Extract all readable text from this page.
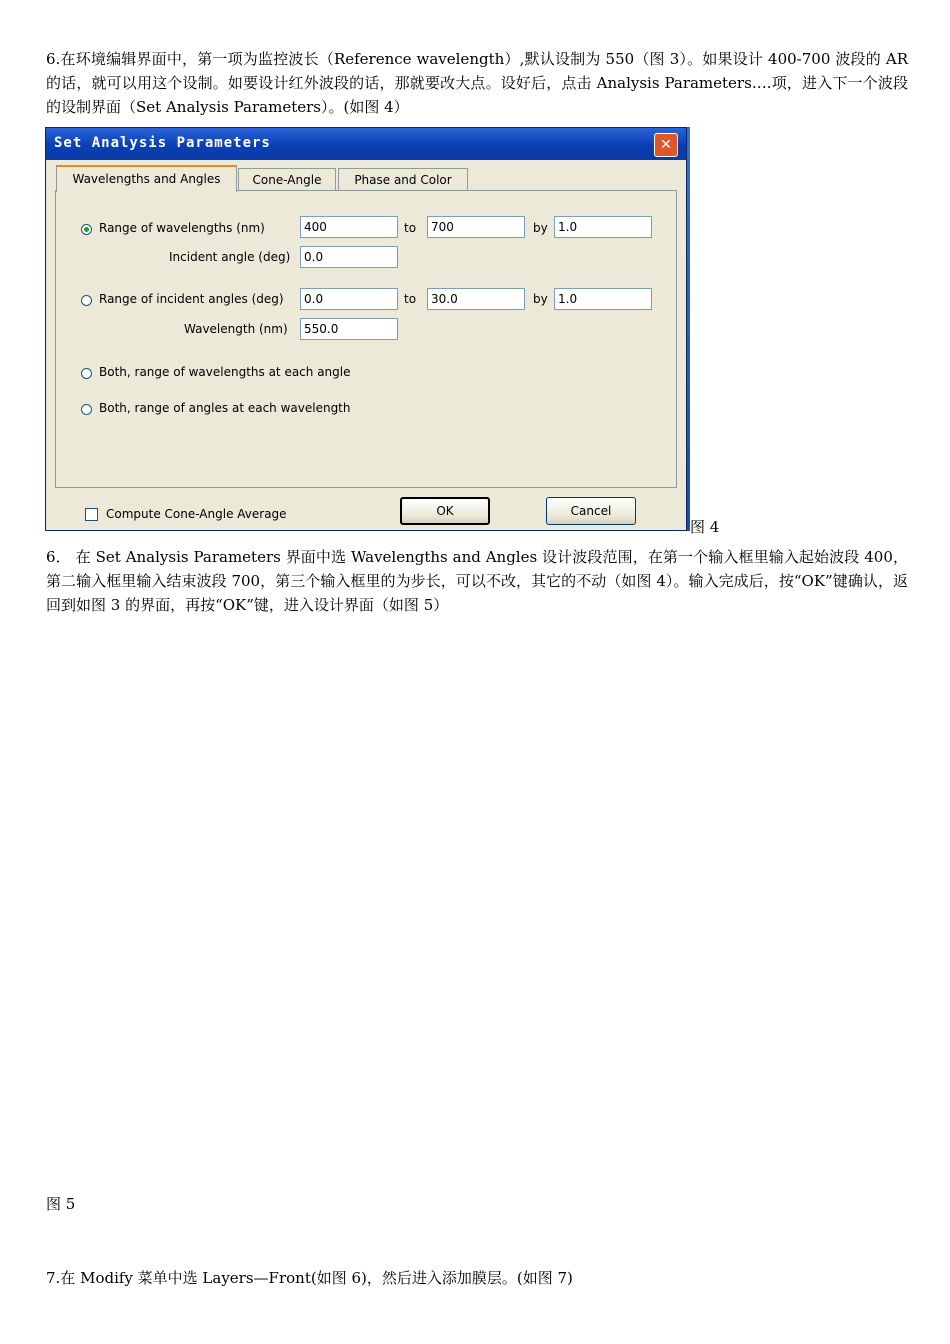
6.在环境编辑界面中，第一项为监控波长（Reference wavelength）,默认设制为 550（图 3）。如果设计 400-700 波段的 AR 的话，就可以用这个设制。如要设计红外波段的话，那就要改大点。设好后，点击 Analysis Parameters….项，进入下一个波段的设制界面（Set Analysis Parameters）。(如图 4）
Set Analysis Parameters	✕
Wavelengths and Angles	Cone-Angle	Phase and Color
Range of wavelengths (nm)	400	to	700	by 1.0
Incident angle (deg)	0.0
Range of incident angles (deg)	0.0	to	30.0	by 1.0
Wavelength (nm)	550.0
Both, range of wavelengths at each angle
Both, range of angles at each wavelength
Compute Cone-Angle Average	OK	Cancel
图 4
6． 在 Set Analysis Parameters 界面中选 Wavelengths and Angles 设计波段范围，在第一个输入框里输入起始波段 400，第二输入框里输入结束波段 700，第三个输入框里的为步长，可以不改，其它的不动（如图 4）。输入完成后，按“OK”键确认，返回到如图 3 的界面，再按“OK”键，进入设计界面（如图 5）
图 5
7.在 Modify 菜单中选 Layers—Front(如图 6)，然后进入添加膜层。(如图 7)
